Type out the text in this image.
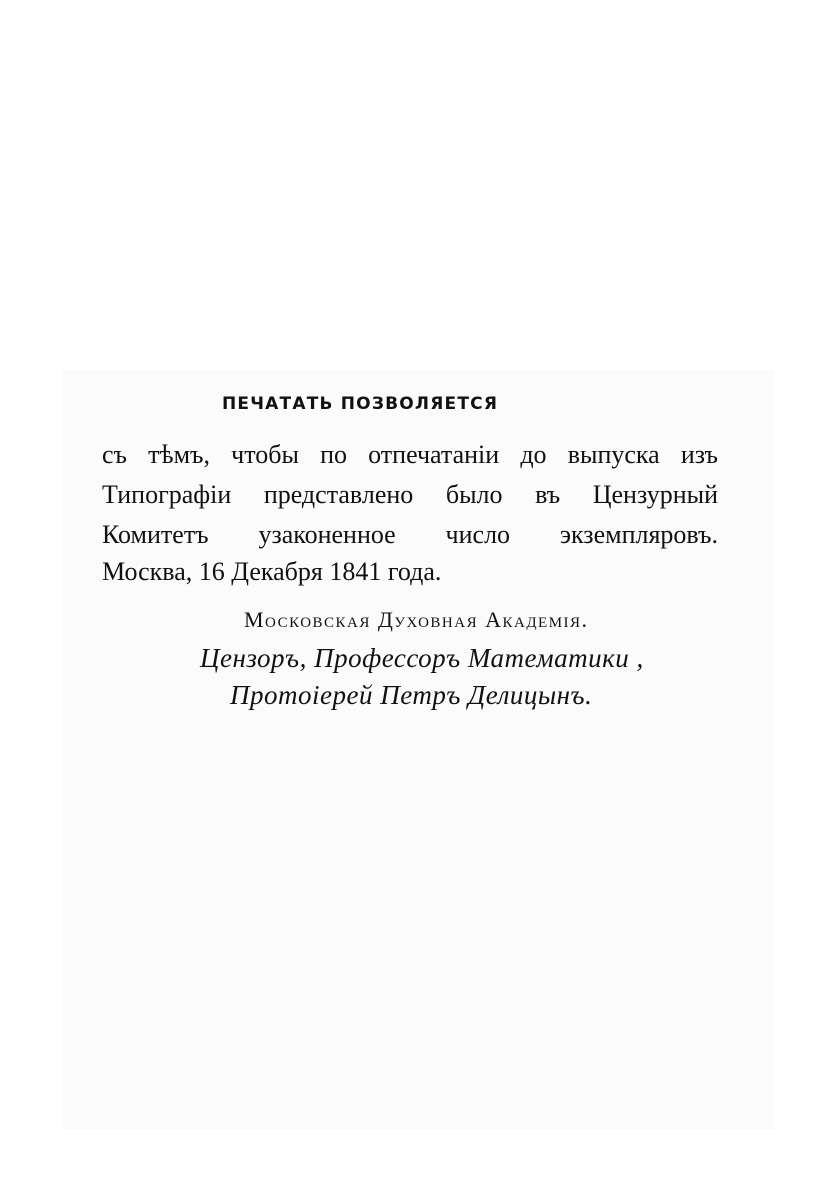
ПЕЧАТАТЬ ПОЗВОЛЯЕТСЯ
съ тѣмъ, чтобы по отпечатаніи до выпуска изъ
Типографіи представлено было въ Цензурный
Комитетъ узаконенное число экземпляровъ.
Москва, 16 Декабря 1841 года.
Московская Духовная Академія.
Цензоръ, Профессоръ Математики ,
Протоіерей Петръ Делицынъ.
